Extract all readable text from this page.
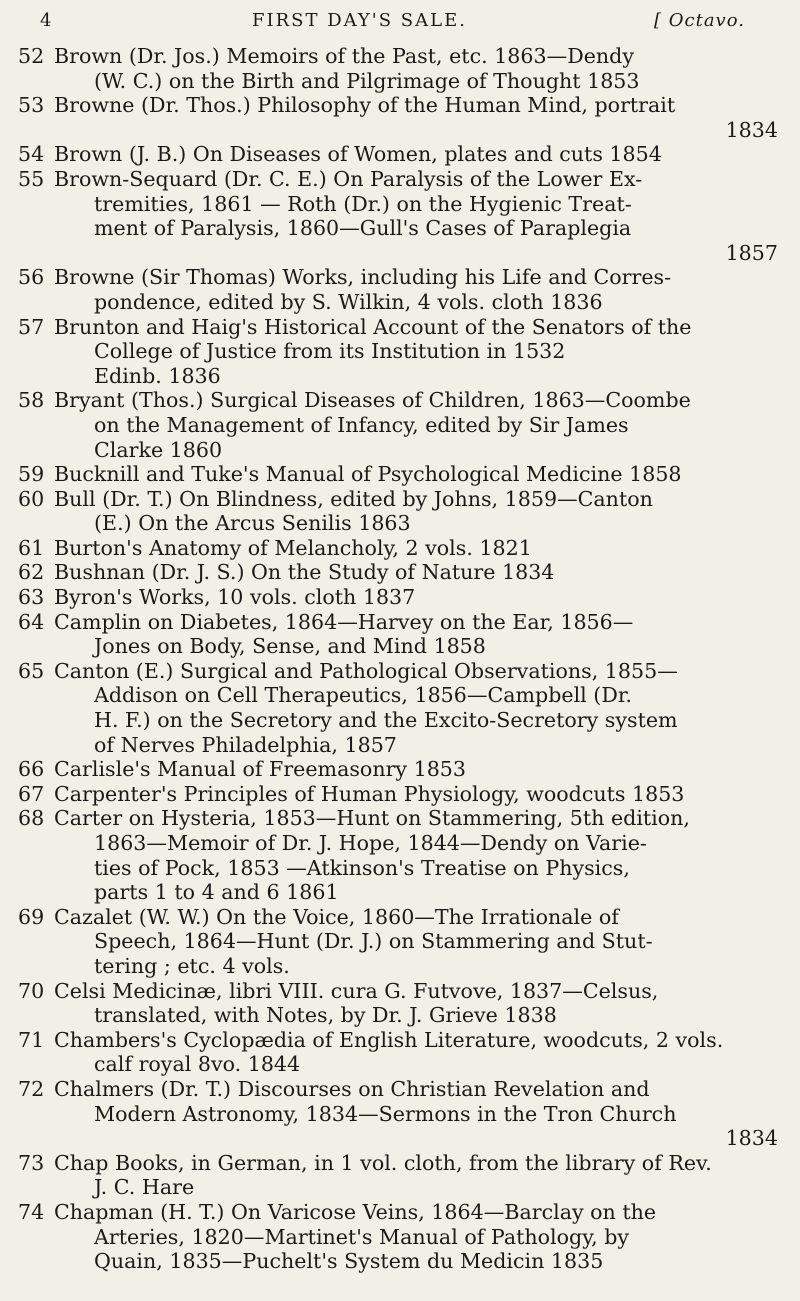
4	FIRST DAY'S SALE.	[ Octavo.
52 Brown (Dr. Jos.) Memoirs of the Past, etc. 1863—Dendy
(W. C.) on the Birth and Pilgrimage of Thought 1853
53 Browne (Dr. Thos.) Philosophy of the Human Mind, portrait
1834
54 Brown (J. B.) On Diseases of Women, plates and cuts 1854
55 Brown-Sequard (Dr. C. E.) On Paralysis of the Lower Ex-
tremities, 1861 — Roth (Dr.) on the Hygienic Treat-
ment of Paralysis, 1860—Gull's Cases of Paraplegia
1857
56 Browne (Sir Thomas) Works, including his Life and Corres-
pondence, edited by S. Wilkin, 4 vols. cloth 1836
57 Brunton and Haig's Historical Account of the Senators of the
College of Justice from its Institution in 1532
Edinb. 1836
58 Bryant (Thos.) Surgical Diseases of Children, 1863—Coombe
on the Management of Infancy, edited by Sir James
Clarke 1860
59 Bucknill and Tuke's Manual of Psychological Medicine 1858
60 Bull (Dr. T.) On Blindness, edited by Johns, 1859—Canton
(E.) On the Arcus Senilis 1863
61 Burton's Anatomy of Melancholy, 2 vols. 1821
62 Bushnan (Dr. J. S.) On the Study of Nature 1834
63 Byron's Works, 10 vols. cloth 1837
64 Camplin on Diabetes, 1864—Harvey on the Ear, 1856—
Jones on Body, Sense, and Mind 1858
65 Canton (E.) Surgical and Pathological Observations, 1855—
Addison on Cell Therapeutics, 1856—Campbell (Dr.
H. F.) on the Secretory and the Excito-Secretory system
of Nerves Philadelphia, 1857
66 Carlisle's Manual of Freemasonry 1853
67 Carpenter's Principles of Human Physiology, woodcuts 1853
68 Carter on Hysteria, 1853—Hunt on Stammering, 5th edition,
1863—Memoir of Dr. J. Hope, 1844—Dendy on Varie-
ties of Pock, 1853 —Atkinson's Treatise on Physics,
parts 1 to 4 and 6 1861
69 Cazalet (W. W.) On the Voice, 1860—The Irrationale of
Speech, 1864—Hunt (Dr. J.) on Stammering and Stut-
tering ; etc. 4 vols.
70 Celsi Medicinæ, libri VIII. cura G. Futvove, 1837—Celsus,
translated, with Notes, by Dr. J. Grieve 1838
71 Chambers's Cyclopædia of English Literature, woodcuts, 2 vols.
calf royal 8vo. 1844
72 Chalmers (Dr. T.) Discourses on Christian Revelation and
Modern Astronomy, 1834—Sermons in the Tron Church
1834
73 Chap Books, in German, in 1 vol. cloth, from the library of Rev.
J. C. Hare
74 Chapman (H. T.) On Varicose Veins, 1864—Barclay on the
Arteries, 1820—Martinet's Manual of Pathology, by
Quain, 1835—Puchelt's System du Medicin 1835
